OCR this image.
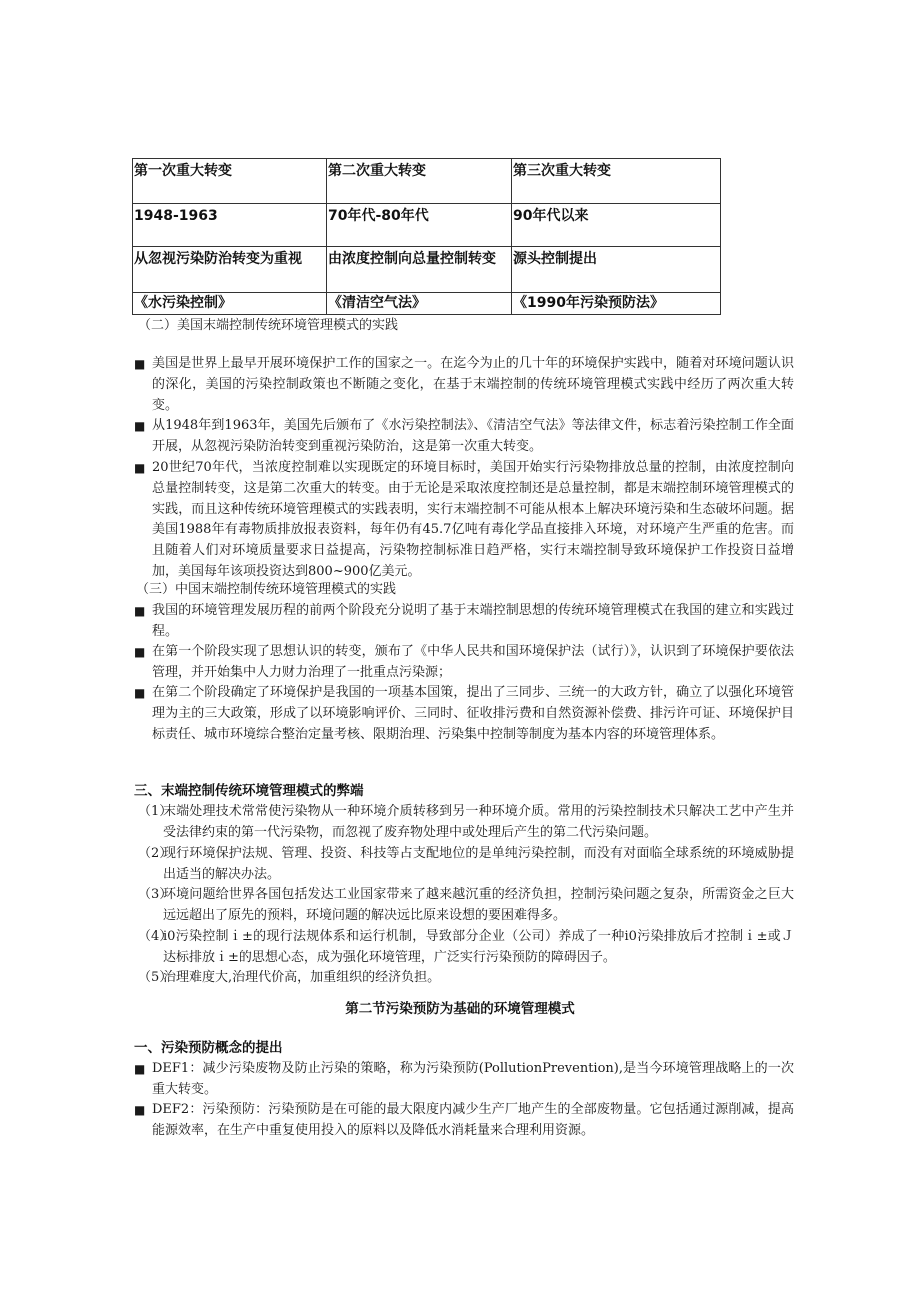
第一次重大转变	第二次重大转变	第三次重大转变
1948-1963	70年代-80年代	90年代以来
从忽视污染防治转变为重视	由浓度控制向总量控制转变	源头控制提出
《水污染控制》	《清洁空气法》	《1990年污染预防法》
（二）美国末端控制传统环境管理模式的实践
■ 美国是世界上最早开展环境保护工作的国家之一。在迄今为止的几十年的环境保护实践中，随着对环境问题认识的深化，美国的污染控制政策也不断随之变化，在基于末端控制的传统环境管理模式实践中经历了两次重大转变。
■ 从1948年到1963年，美国先后颁布了《水污染控制法》、《清洁空气法》等法律文件，标志着污染控制工作全面开展，从忽视污染防治转变到重视污染防治，这是第一次重大转变。
■ 20世纪70年代，当浓度控制难以实现既定的环境目标时，美国开始实行污染物排放总量的控制，由浓度控制向总量控制转变，这是第二次重大的转变。由于无论是采取浓度控制还是总量控制，都是末端控制环境管理模式的实践，而且这种传统环境管理模式的实践表明，实行末端控制不可能从根本上解决环境污染和生态破坏问题。据美国1988年有毒物质排放报表资料，每年仍有45.7亿吨有毒化学品直接排入环境，对环境产生严重的危害。而且随着人们对环境质量要求日益提高，污染物控制标准日趋严格，实行末端控制导致环境保护工作投资日益增加，美国每年该项投资达到800~900亿美元。
（三）中国末端控制传统环境管理模式的实践
■ 我国的环境管理发展历程的前两个阶段充分说明了基于末端控制思想的传统环境管理模式在我国的建立和实践过程。
■ 在第一个阶段实现了思想认识的转变，颁布了《中华人民共和国环境保护法（试行）》，认识到了环境保护要依法管理，并开始集中人力财力治理了一批重点污染源；
■ 在第二个阶段确定了环境保护是我国的一项基本国策，提出了三同步、三统一的大政方针，确立了以强化环境管理为主的三大政策，形成了以环境影响评价、三同时、征收排污费和自然资源补偿费、排污许可证、环境保护目标责任、城市环境综合整治定量考核、限期治理、污染集中控制等制度为基本内容的环境管理体系。
三、末端控制传统环境管理模式的弊端
（1）
末端处理技术常常使污染物从一种环境介质转移到另一种环境介质。常用的污染控制技术只解决工艺中产生并受法律约束的第一代污染物，而忽视了废弃物处理中或处理后产生的第二代污染问题。
（2）
现行环境保护法规、管理、投资、科技等占支配地位的是单纯污染控制，而没有对面临全球系统的环境威胁提出适当的解决办法。
（3）
环境问题给世界各国包括发达工业国家带来了越来越沉重的经济负担，控制污染问题之复杂，所需资金之巨大远远超出了原先的预料，环境问题的解决远比原来设想的要困难得多。
（4）
i0污染控制ｉ±的现行法规体系和运行机制，导致部分企业（公司）养成了一种i0污染排放后才控制ｉ±或Ｊ达标排放ｉ±的思想心态，成为强化环境管理，广泛实行污染预防的障碍因子。
（5）
治理难度大,治理代价高，加重组织的经济负担。
第二节污染预防为基础的环境管理模式
一、污染预防概念的提出
■ DEF1：减少污染废物及防止污染的策略，称为污染预防(PollutionPrevention),是当今环境管理战略上的一次重大转变。
■ DEF2：污染预防：污染预防是在可能的最大限度内减少生产厂地产生的全部废物量。它包括通过源削减，提高能源效率，在生产中重复使用投入的原料以及降低水消耗量来合理利用资源。
